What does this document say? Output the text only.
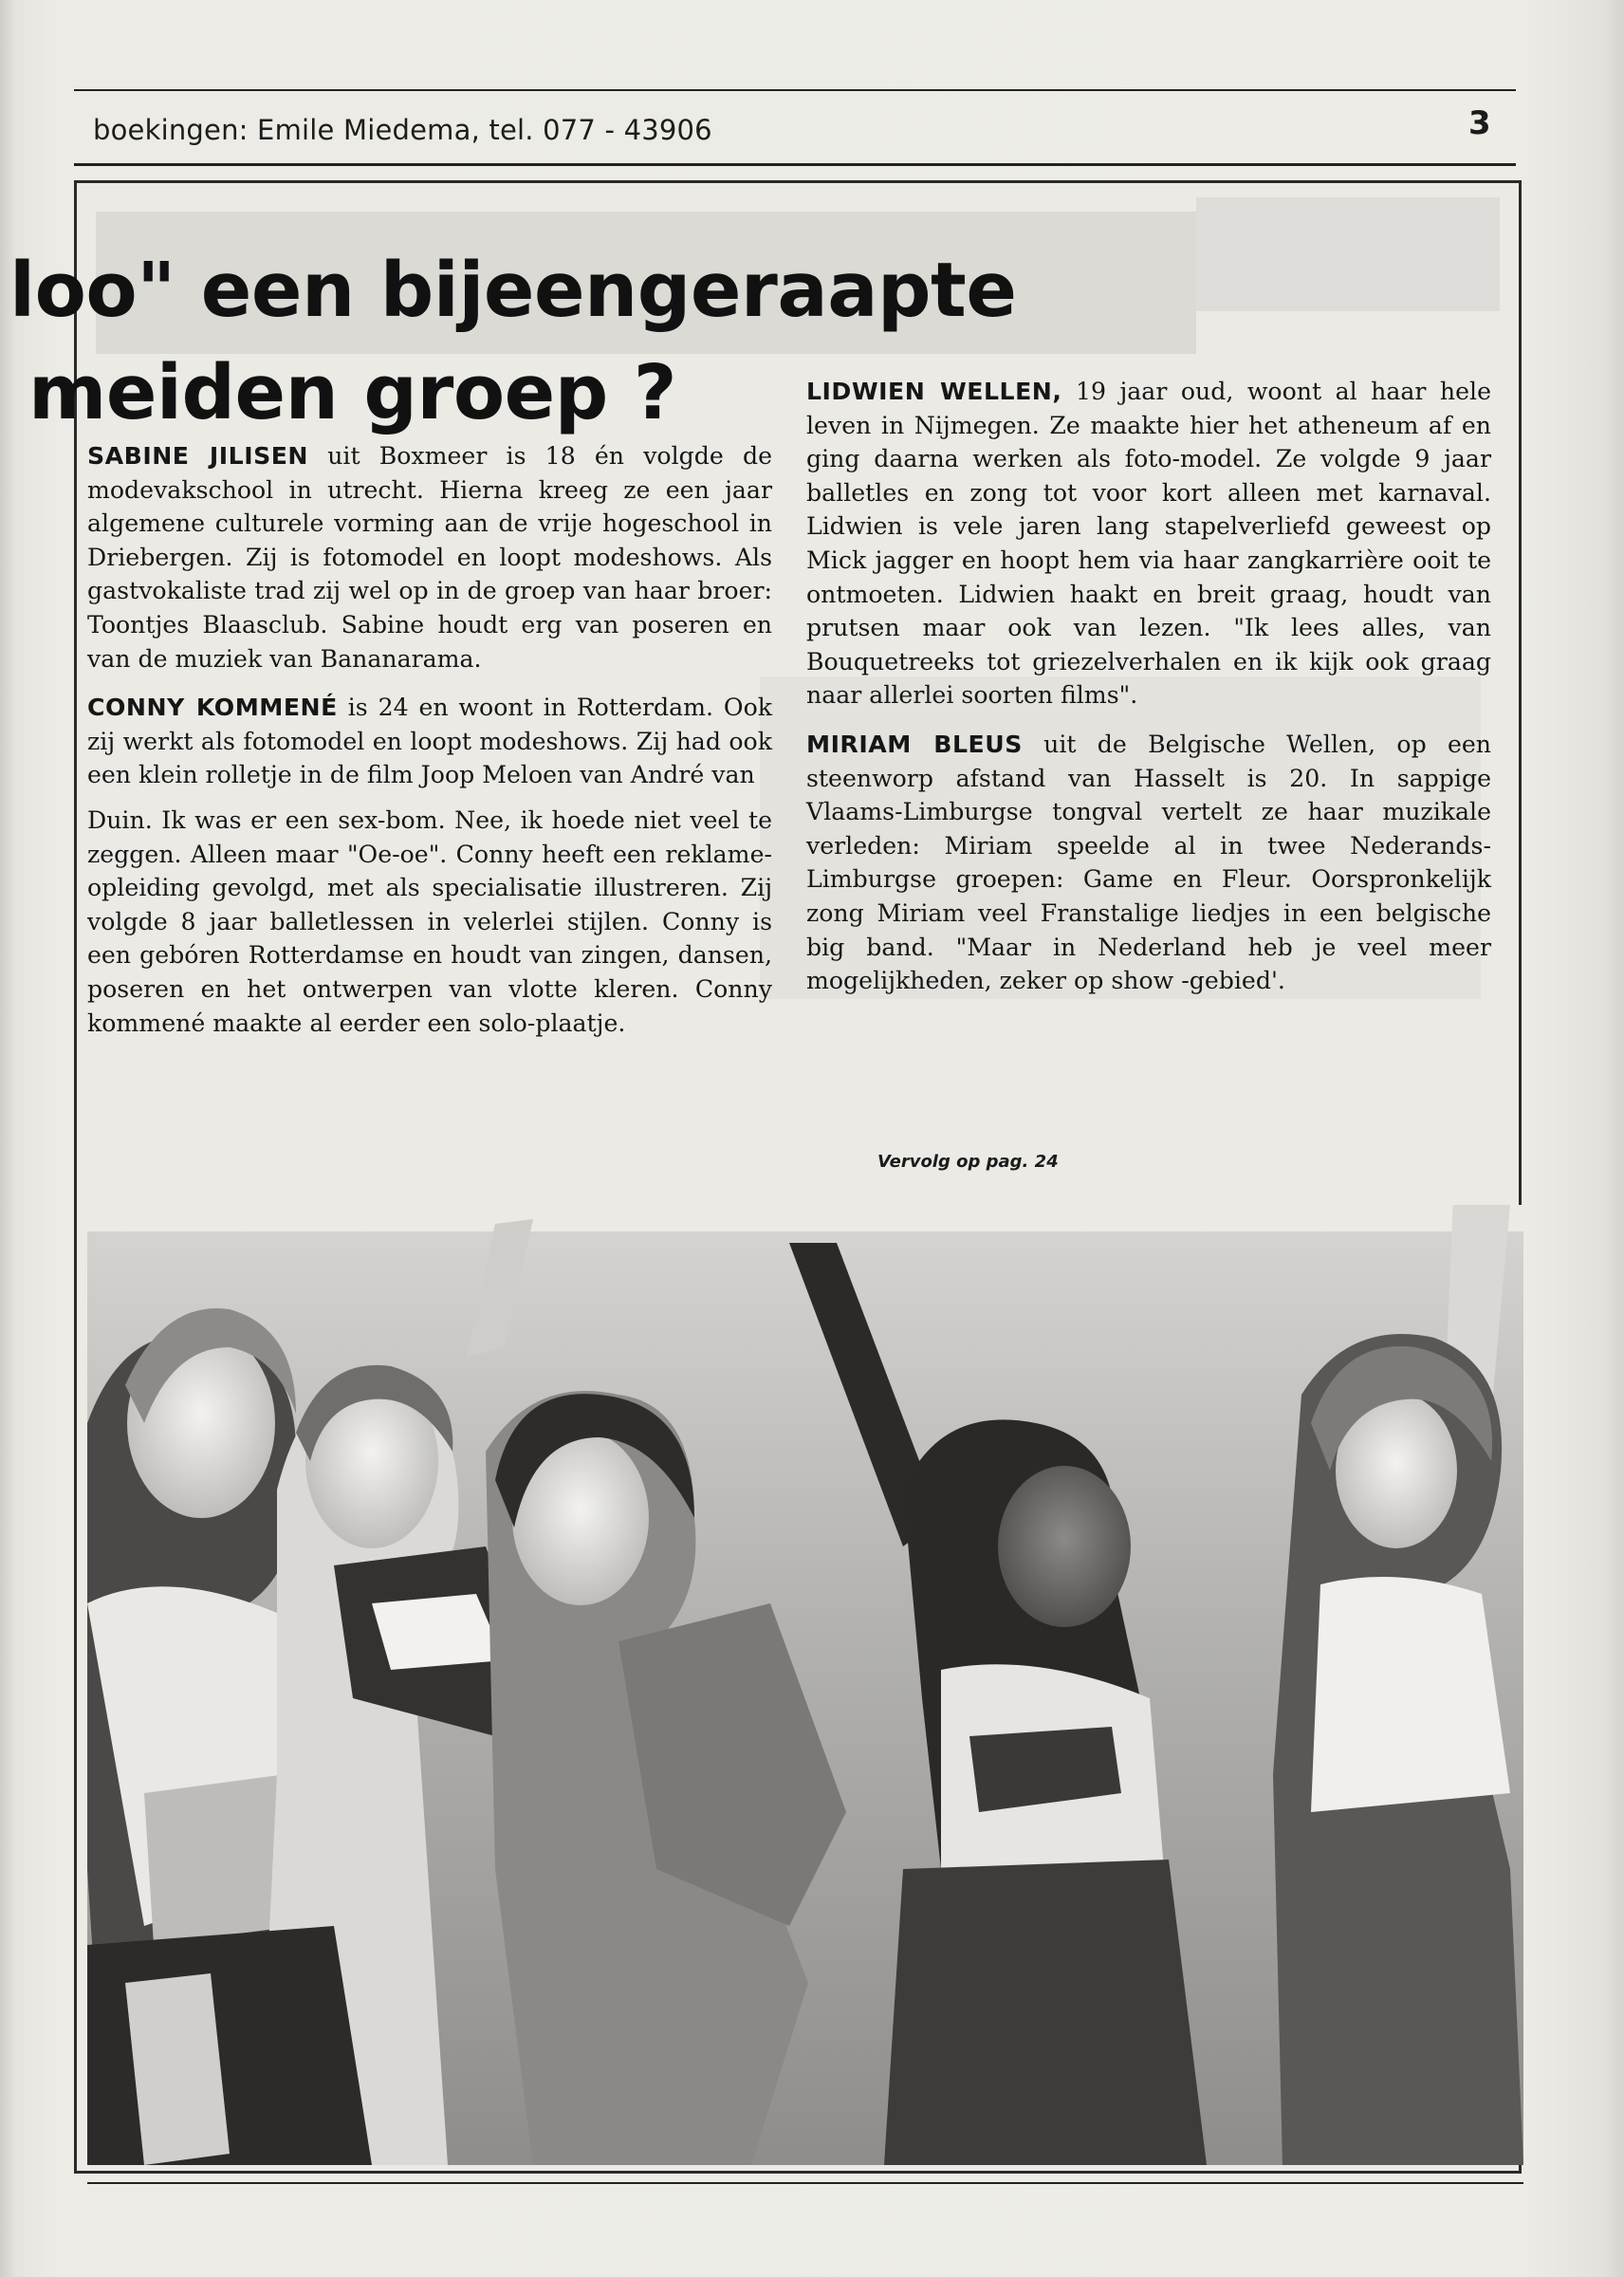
boekingen: Emile Miedema, tel. 077 - 43906	3
loo" een bijeengeraapte
meiden groep ?

SABINE JILISEN uit Boxmeer is 18 én volgde de modevakschool in utrecht. Hierna kreeg ze een jaar algemene culturele vorming aan de vrije hogeschool in Driebergen. Zij is fotomodel en loopt modeshows. Als gastvokaliste trad zij wel op in de groep van haar broer: Toontjes Blaasclub. Sabine houdt erg van poseren en van de muziek van Bananarama.

CONNY KOMMENÉ is 24 en woont in Rotterdam. Ook zij werkt als fotomodel en loopt modeshows. Zij had ook een klein rolletje in de film Joop Meloen van André van

Duin. Ik was er een sex-bom. Nee, ik hoede niet veel te zeggen. Alleen maar "Oe-oe". Conny heeft een reklame-opleiding gevolgd, met als specialisatie illustreren. Zij volgde 8 jaar balletlessen in velerlei stijlen. Conny is een gebóren Rotterdamse en houdt van zingen, dansen, poseren en het ontwerpen van vlotte kleren. Conny kommené maakte al eerder een solo-plaatje.

LIDWIEN WELLEN, 19 jaar oud, woont al haar hele leven in Nijmegen. Ze maakte hier het atheneum af en ging daarna werken als foto-model. Ze volgde 9 jaar balletles en zong tot voor kort alleen met karnaval. Lidwien is vele jaren lang stapelverliefd geweest op Mick jagger en hoopt hem via haar zangkarrière ooit te ontmoeten. Lidwien haakt en breit graag, houdt van prutsen maar ook van lezen. "Ik lees alles, van Bouquetreeks tot griezelverhalen en ik kijk ook graag naar allerlei soorten films".

MIRIAM BLEUS uit de Belgische Wellen, op een steenworp afstand van Hasselt is 20. In sappige Vlaams-Limburgse tongval vertelt ze haar muzikale verleden: Miriam speelde al in twee Nederands- Limburgse groepen: Game en Fleur. Oorspronkelijk zong Miriam veel Franstalige liedjes in een belgische big band. "Maar in Nederland heb je veel meer mogelijkheden, zeker op show -gebied'.

Vervolg op pag. 24
